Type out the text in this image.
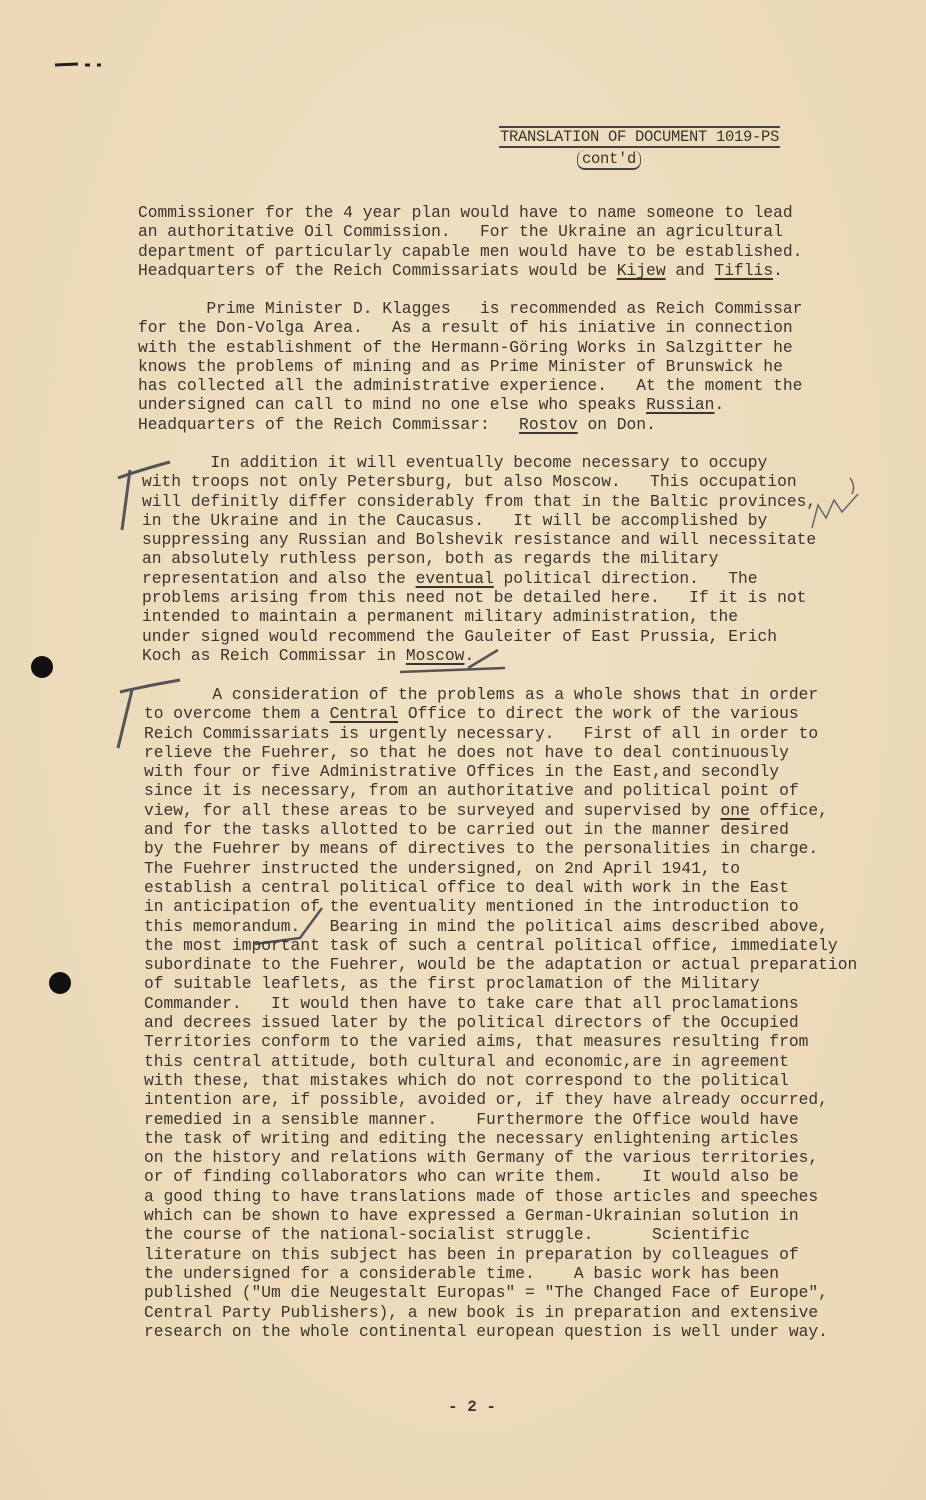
TRANSLATION OF DOCUMENT 1019-PS
cont'd
Commissioner for the 4 year plan would have to name someone to lead
an authoritative Oil Commission.   For the Ukraine an agricultural
department of particularly capable men would have to be established.
Headquarters of the Reich Commissariats would be Kijew and Tiflis.
Prime Minister D. Klagges   is recommended as Reich Commissar
for the Don-Volga Area.   As a result of his iniative in connection
with the establishment of the Hermann-Göring Works in Salzgitter he
knows the problems of mining and as Prime Minister of Brunswick he
has collected all the administrative experience.   At the moment the
undersigned can call to mind no one else who speaks Russian.
Headquarters of the Reich Commissar:   Rostov on Don.
In addition it will eventually become necessary to occupy
with troops not only Petersburg, but also Moscow.   This occupation
will definitly differ considerably from that in the Baltic provinces,
in the Ukraine and in the Caucasus.   It will be accomplished by
suppressing any Russian and Bolshevik resistance and will necessitate
an absolutely ruthless person, both as regards the military
representation and also the eventual political direction.   The
problems arising from this need not be detailed here.   If it is not
intended to maintain a permanent military administration, the
under signed would recommend the Gauleiter of East Prussia, Erich
Koch as Reich Commissar in Moscow.
A consideration of the problems as a whole shows that in order
to overcome them a Central Office to direct the work of the various
Reich Commissariats is urgently necessary.   First of all in order to
relieve the Fuehrer, so that he does not have to deal continuously
with four or five Administrative Offices in the East,and secondly
since it is necessary, from an authoritative and political point of
view, for all these areas to be surveyed and supervised by one office,
and for the tasks allotted to be carried out in the manner desired
by the Fuehrer by means of directives to the personalities in charge.
The Fuehrer instructed the undersigned, on 2nd April 1941, to
establish a central political office to deal with work in the East
in anticipation of the eventuality mentioned in the introduction to
this memorandum.   Bearing in mind the political aims described above,
the most important task of such a central political office, immediately
subordinate to the Fuehrer, would be the adaptation or actual preparation
of suitable leaflets, as the first proclamation of the Military
Commander.   It would then have to take care that all proclamations
and decrees issued later by the political directors of the Occupied
Territories conform to the varied aims, that measures resulting from
this central attitude, both cultural and economic,are in agreement
with these, that mistakes which do not correspond to the political
intention are, if possible, avoided or, if they have already occurred,
remedied in a sensible manner.    Furthermore the Office would have
the task of writing and editing the necessary enlightening articles
on the history and relations with Germany of the various territories,
or of finding collaborators who can write them.    It would also be
a good thing to have translations made of those articles and speeches
which can be shown to have expressed a German-Ukrainian solution in
the course of the national-socialist struggle.      Scientific
literature on this subject has been in preparation by colleagues of
the undersigned for a considerable time.    A basic work has been
published ("Um die Neugestalt Europas" = "The Changed Face of Europe",
Central Party Publishers), a new book is in preparation and extensive
research on the whole continental european question is well under way.
- 2 -
